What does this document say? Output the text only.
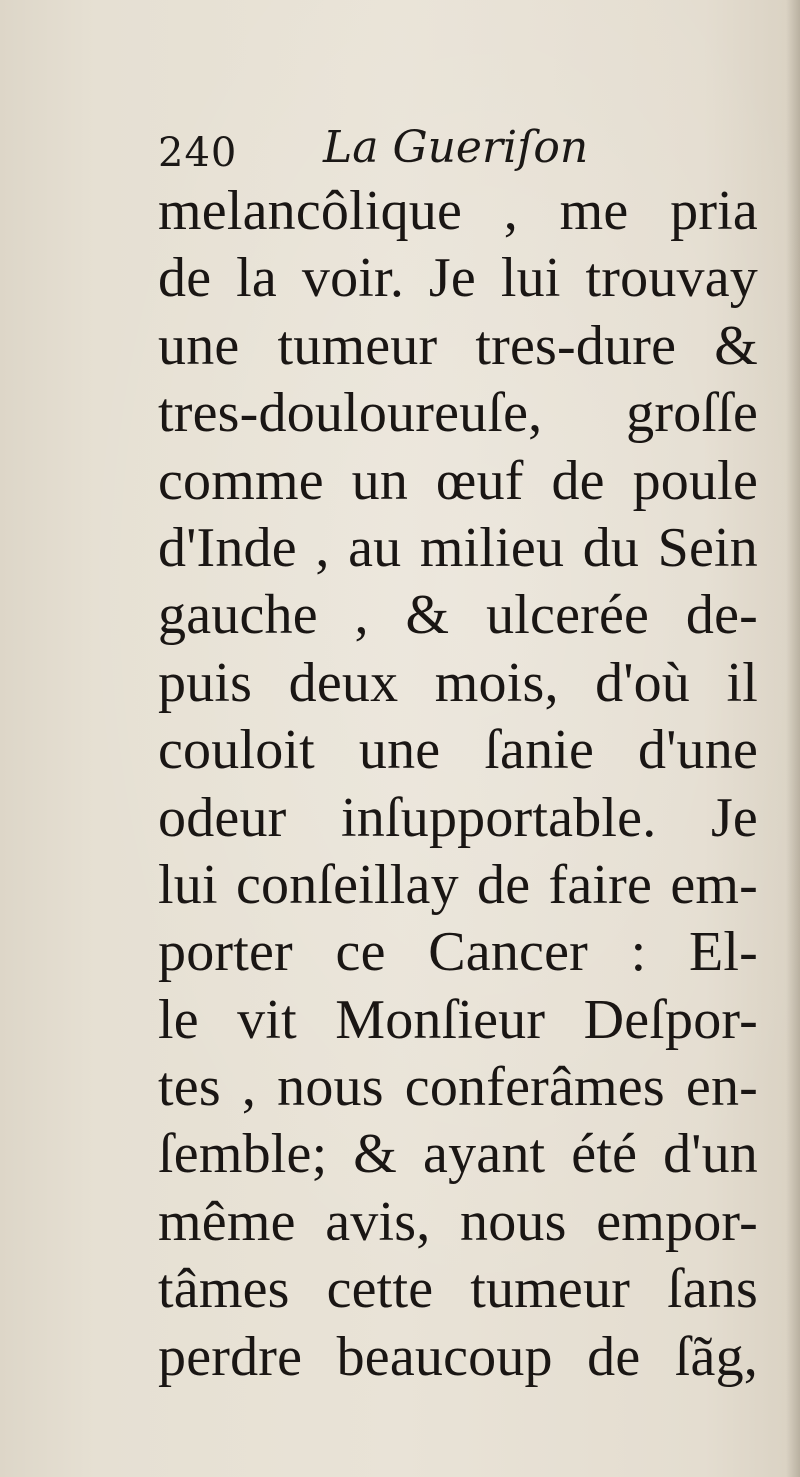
240 La Gueriſon
melancôlique , me pria
de la voir. Je lui trouvay
une tumeur tres-dure &
tres-douloureuſe, groſſe
comme un œuf de poule
d'Inde , au milieu du Sein
gauche , & ulcerée de-
puis deux mois, d'où il
couloit une ſanie d'une
odeur inſupportable. Je
lui conſeillay de faire em-
porter ce Cancer : El-
le vit Monſieur Deſpor-
tes , nous conferâmes en-
ſemble; & ayant été d'un
même avis, nous empor-
tâmes cette tumeur ſans
perdre beaucoup de ſãg,
